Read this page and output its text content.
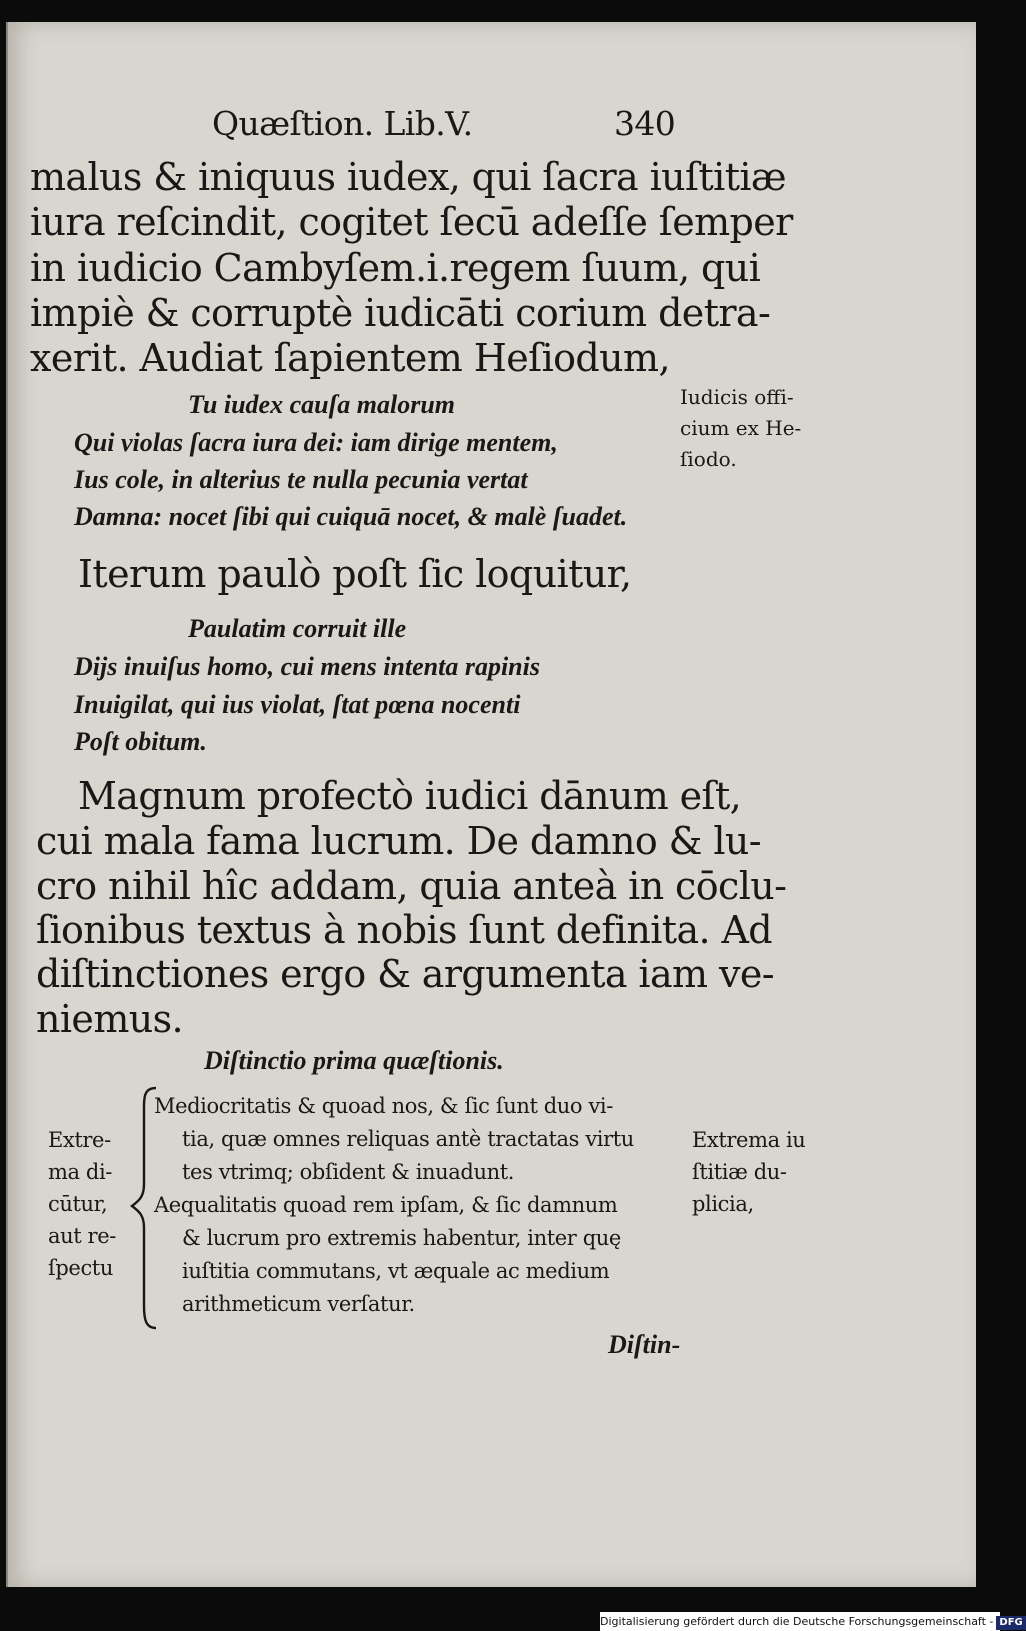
Quæſtion. Lib.V.	340
malus & iniquus iudex, qui ſacra iuſtitiæ
iura reſcindit, cogitet ſecū adeſſe ſemper
in iudicio Cambyſem.i.regem ſuum, qui
impiè & corruptè iudicāti corium detra-
xerit. Audiat ſapientem Heſiodum,
Tu iudex cauſa malorum
Qui violas ſacra iura dei: iam dirige mentem,
Ius cole, in alterius te nulla pecunia vertat
Damna: nocet ſibi qui cuiquā nocet, & malè ſuadet.
Iudicis offi-
cium ex He-
ſiodo.
Iterum paulò poſt ſic loquitur,
Paulatim corruit ille
Dijs inuiſus homo, cui mens intenta rapinis
Inuigilat, qui ius violat, ſtat pœna nocenti
Poſt obitum.
Magnum profectò iudici dānum eſt,
cui mala fama lucrum. De damno & lu-
cro nihil hîc addam, quia anteà in cōclu-
ſionibus textus à nobis ſunt definita. Ad
diſtinctiones ergo & argumenta iam ve-
niemus.
Diſtinctio prima quæſtionis.
Extre-
ma di-
cūtur,
aut re-
ſpectu
Mediocritatis & quoad nos, & ſic ſunt duo vi-
tia, quæ omnes reliquas antè tractatas virtu
tes vtrimq; obſident & inuadunt.
Aequalitatis quoad rem ipſam, & ſic damnum
& lucrum pro extremis habentur, inter quę
iuſtitia commutans, vt æquale ac medium
arithmeticum verſatur.
Extrema iu
ſtitiæ du-
plicia,
Diſtin-
Digitalisierung gefördert durch die Deutsche Forschungsgemeinschaft - DFG
